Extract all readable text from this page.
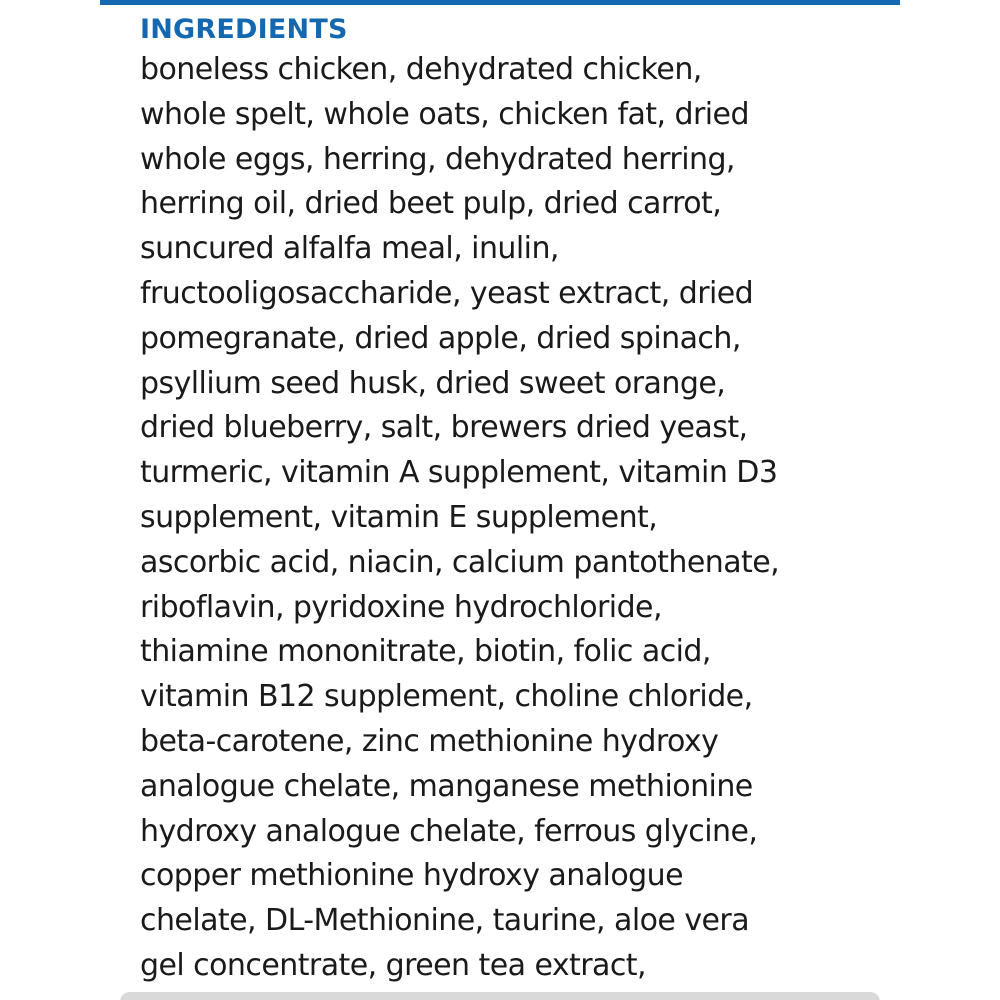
INGREDIENTS
boneless chicken, dehydrated chicken,
whole spelt, whole oats, chicken fat, dried
whole eggs, herring, dehydrated herring,
herring oil, dried beet pulp, dried carrot,
suncured alfalfa meal, inulin,
fructooligosaccharide, yeast extract, dried
pomegranate, dried apple, dried spinach,
psyllium seed husk, dried sweet orange,
dried blueberry, salt, brewers dried yeast,
turmeric, vitamin A supplement, vitamin D3
supplement, vitamin E supplement,
ascorbic acid, niacin, calcium pantothenate,
riboflavin, pyridoxine hydrochloride,
thiamine mononitrate, biotin, folic acid,
vitamin B12 supplement, choline chloride,
beta-carotene, zinc methionine hydroxy
analogue chelate, manganese methionine
hydroxy analogue chelate, ferrous glycine,
copper methionine hydroxy analogue
chelate, DL-Methionine, taurine, aloe vera
gel concentrate, green tea extract,
